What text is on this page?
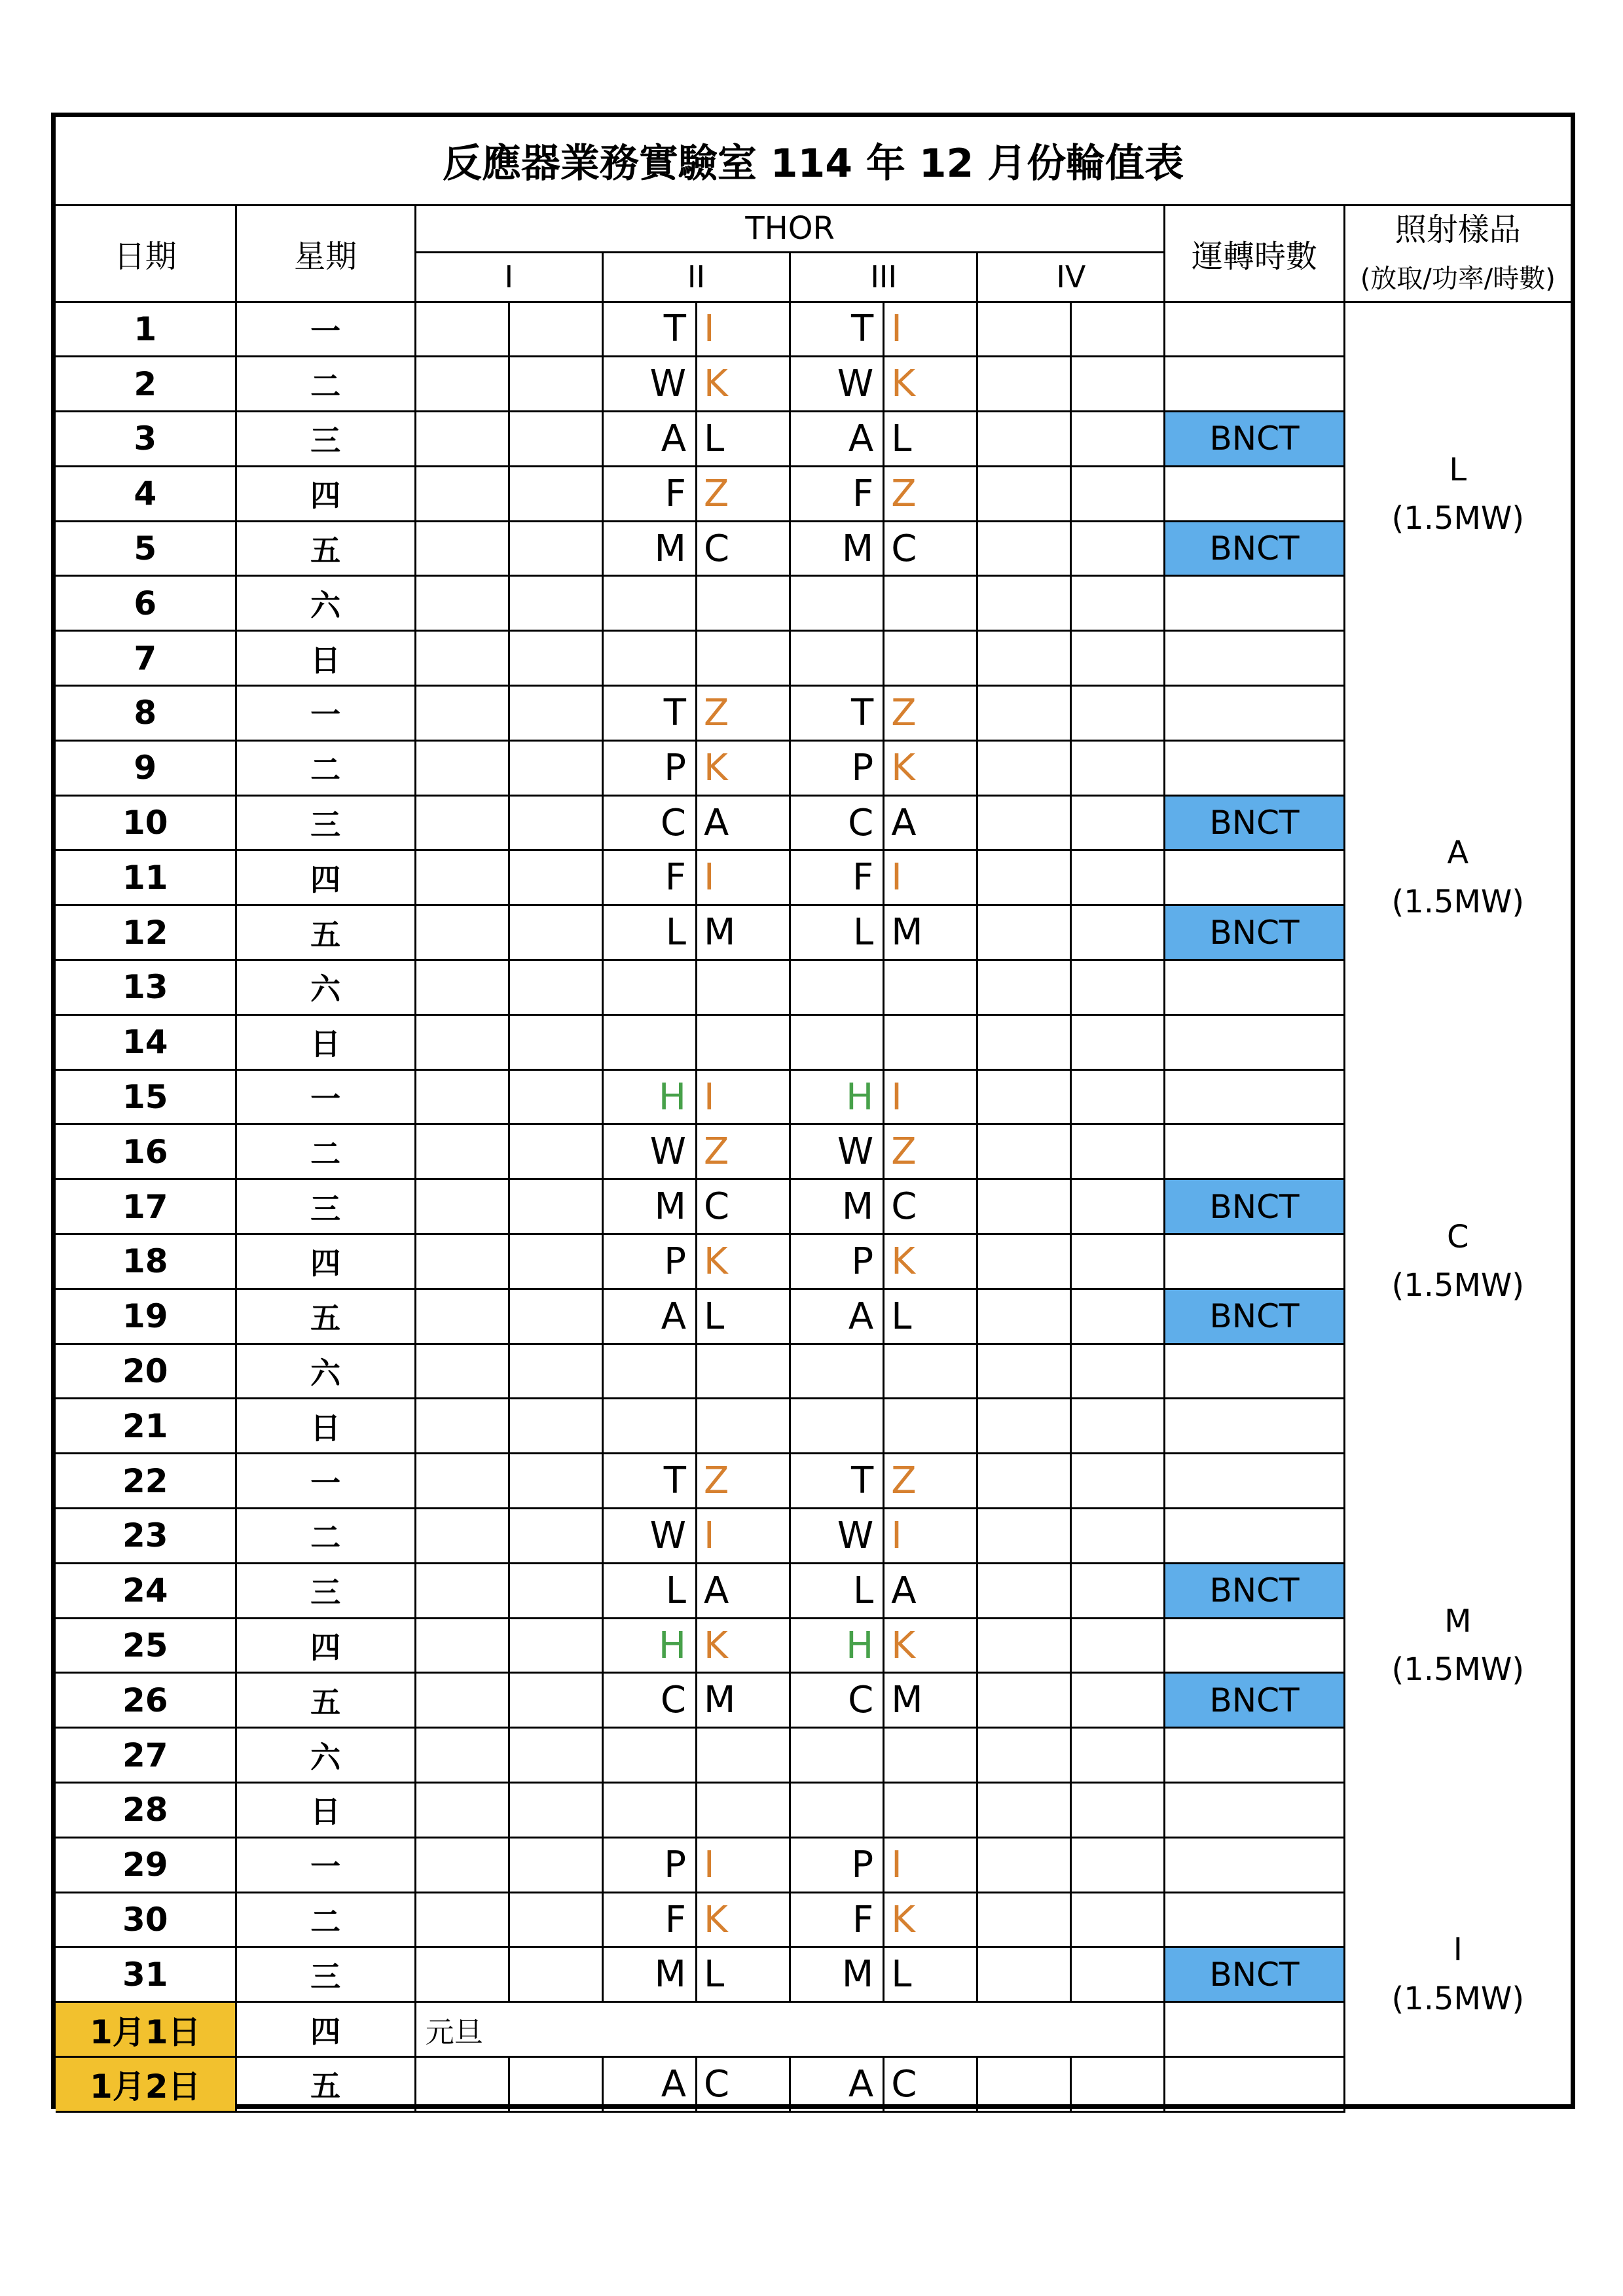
反應器業務實驗室 114 年 12 月份輪值表											
日期	星期	THOR								運轉時數	照射樣品
(放取/功率/時數)
		I		II		III		IV			
1	一			T	I	T	I				L
(1.5MW)
2	二			W	K	W	K				
3	三			A	L	A	L			BNCT	
4	四			F	Z	F	Z				
5	五			M	C	M	C			BNCT	
6	六										
7	日										
8	一			T	Z	T	Z				A
(1.5MW)
9	二			P	K	P	K				
10	三			C	A	C	A			BNCT	
11	四			F	I	F	I				
12	五			L	M	L	M			BNCT	
13	六										
14	日										
15	一			H	I	H	I				C
(1.5MW)
16	二			W	Z	W	Z				
17	三			M	C	M	C			BNCT	
18	四			P	K	P	K				
19	五			A	L	A	L			BNCT	
20	六										
21	日										
22	一			T	Z	T	Z				M
(1.5MW)
23	二			W	I	W	I				
24	三			L	A	L	A			BNCT	
25	四			H	K	H	K				
26	五			C	M	C	M			BNCT	
27	六										
28	日										
29	一			P	I	P	I				I
(1.5MW)
30	二			F	K	F	K				
31	三			M	L	M	L			BNCT	
1月1日	四	元旦									
1月2日	五			A	C	A	C				
